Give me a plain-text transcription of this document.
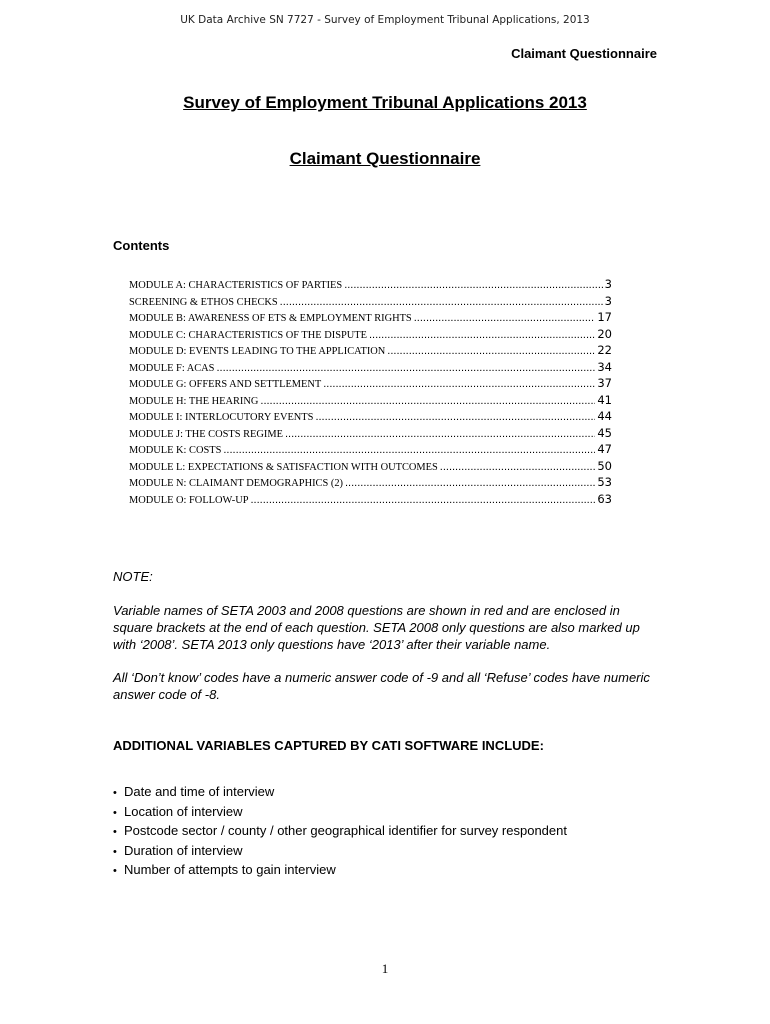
UK Data Archive SN 7727 - Survey of Employment Tribunal Applications, 2013
Claimant Questionnaire
Survey of Employment Tribunal Applications 2013
Claimant Questionnaire
Contents
MODULE A: CHARACTERISTICS OF PARTIES .....	3
SCREENING & ETHOS CHECKS .....	3
MODULE B: AWARENESS OF ETS & EMPLOYMENT RIGHTS .....	17
MODULE C: CHARACTERISTICS OF THE DISPUTE .....	20
MODULE D: EVENTS LEADING TO THE APPLICATION .....	22
MODULE F: ACAS .....	34
MODULE G: OFFERS AND SETTLEMENT .....	37
MODULE H: THE HEARING .....	41
MODULE I: INTERLOCUTORY EVENTS .....	44
MODULE J: THE COSTS REGIME .....	45
MODULE K: COSTS .....	47
MODULE L: EXPECTATIONS & SATISFACTION WITH OUTCOMES .....	50
MODULE N: CLAIMANT DEMOGRAPHICS (2) .....	53
MODULE O: FOLLOW-UP .....	63
NOTE:

Variable names of SETA 2003 and 2008 questions are shown in red and are enclosed in square brackets at the end of each question. SETA 2008 only questions are also marked up with ‘2008’. SETA 2013 only questions have ‘2013’ after their variable name.

All ‘Don’t know’ codes have a numeric answer code of -9 and all ‘Refuse’ codes have numeric answer code of -8.

ADDITIONAL VARIABLES CAPTURED BY CATI SOFTWARE INCLUDE:
• Date and time of interview
• Location of interview
• Postcode sector / county / other geographical identifier for survey respondent
• Duration of interview
• Number of attempts to gain interview
1
